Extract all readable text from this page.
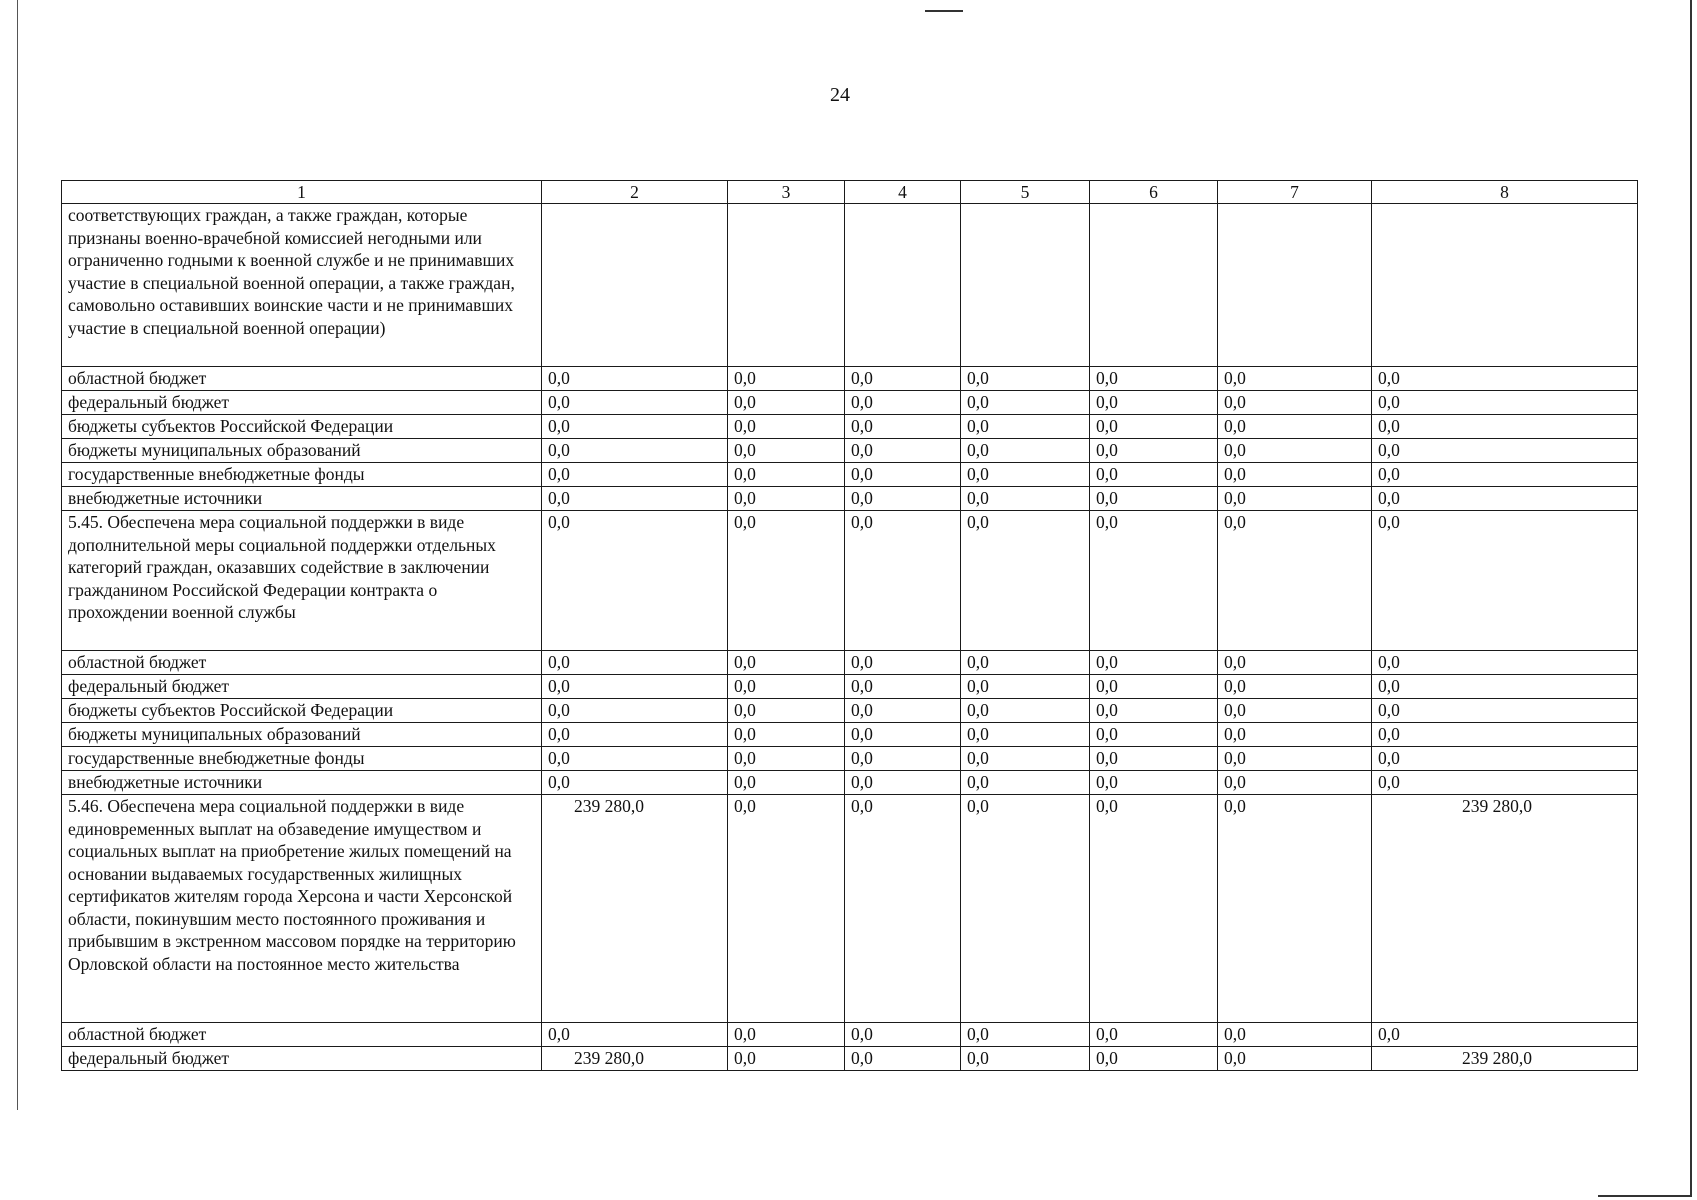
24
1	2	3	4	5	6	7	8
соответствующих граждан, а также граждан, которые признаны военно-врачебной комиссией негодными или ограниченно годными к военной службе и не принимавших участие в специальной военной операции, а также граждан, самовольно оставивших воинские части и не принимавших участие в специальной военной операции)							
областной бюджет	0,0	0,0	0,0	0,0	0,0	0,0	0,0
федеральный бюджет	0,0	0,0	0,0	0,0	0,0	0,0	0,0
бюджеты субъектов Российской Федерации	0,0	0,0	0,0	0,0	0,0	0,0	0,0
бюджеты муниципальных образований	0,0	0,0	0,0	0,0	0,0	0,0	0,0
государственные внебюджетные фонды	0,0	0,0	0,0	0,0	0,0	0,0	0,0
внебюджетные источники	0,0	0,0	0,0	0,0	0,0	0,0	0,0
5.45. Обеспечена мера социальной поддержки в виде дополнительной меры социальной поддержки отдельных категорий граждан, оказавших содействие в заключении гражданином Российской Федерации контракта о прохождении военной службы	0,0	0,0	0,0	0,0	0,0	0,0	0,0
областной бюджет	0,0	0,0	0,0	0,0	0,0	0,0	0,0
федеральный бюджет	0,0	0,0	0,0	0,0	0,0	0,0	0,0
бюджеты субъектов Российской Федерации	0,0	0,0	0,0	0,0	0,0	0,0	0,0
бюджеты муниципальных образований	0,0	0,0	0,0	0,0	0,0	0,0	0,0
государственные внебюджетные фонды	0,0	0,0	0,0	0,0	0,0	0,0	0,0
внебюджетные источники	0,0	0,0	0,0	0,0	0,0	0,0	0,0
5.46. Обеспечена мера социальной поддержки в виде единовременных выплат на обзаведение имуществом и социальных выплат на приобретение жилых помещений на основании выдаваемых государственных жилищных сертификатов жителям города Херсона и части Херсонской области, покинувшим место постоянного проживания и прибывшим в экстренном массовом порядке на территорию Орловской области на постоянное место жительства	239 280,0	0,0	0,0	0,0	0,0	0,0	239 280,0
областной бюджет	0,0	0,0	0,0	0,0	0,0	0,0	0,0
федеральный бюджет	239 280,0	0,0	0,0	0,0	0,0	0,0	239 280,0
